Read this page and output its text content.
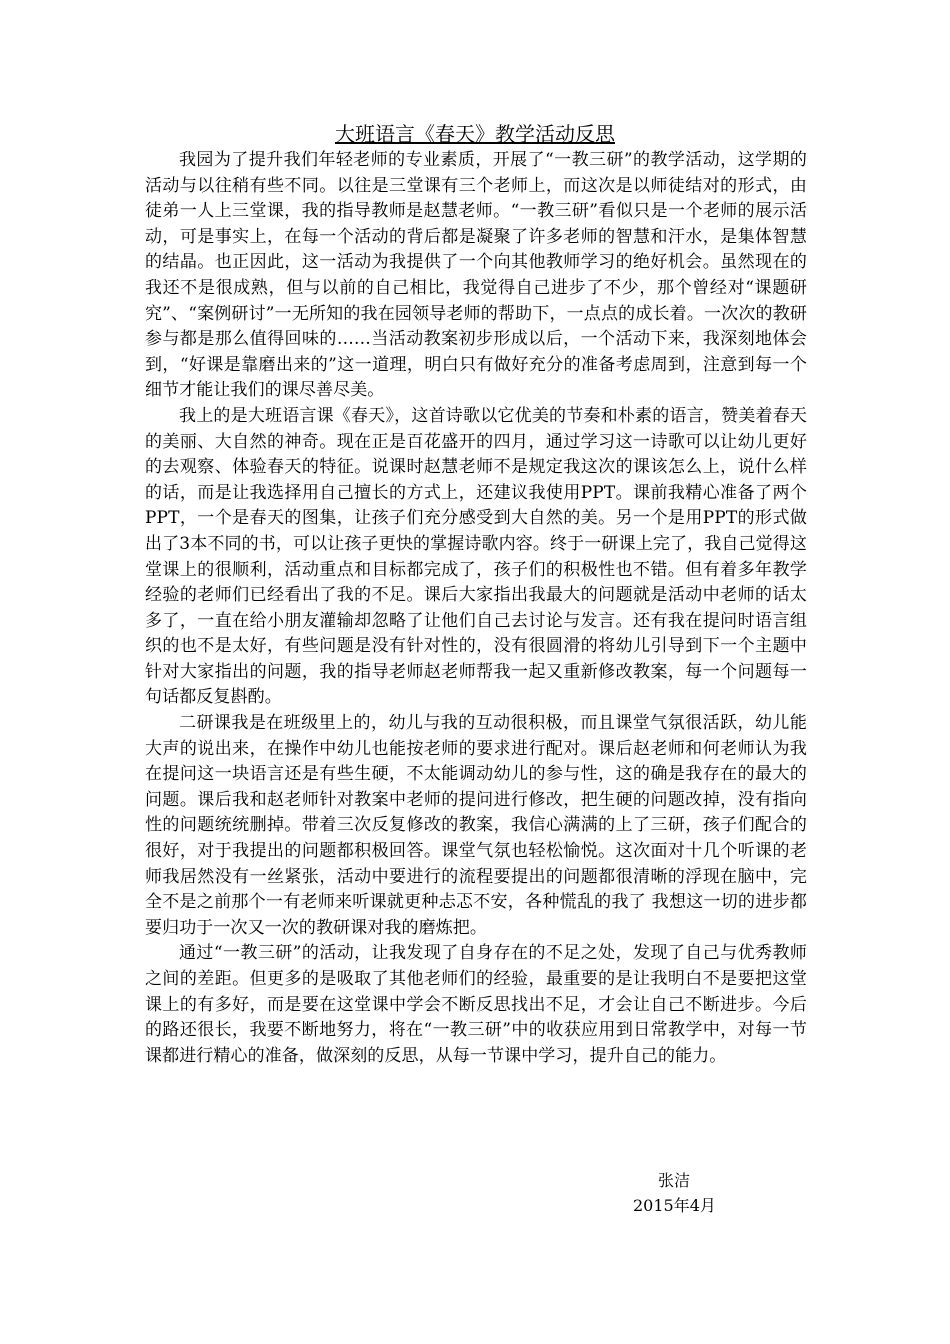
大班语言《春天》教学活动反思

我园为了提升我们年轻老师的专业素质，开展了“一教三研”的教学活动，这学期的活动与以往稍有些不同。以往是三堂课有三个老师上，而这次是以师徒结对的形式，由徒弟一人上三堂课，我的指导教师是赵慧老师。“一教三研”看似只是一个老师的展示活动，可是事实上，在每一个活动的背后都是凝聚了许多老师的智慧和汗水，是集体智慧的结晶。也正因此，这一活动为我提供了一个向其他教师学习的绝好机会。虽然现在的我还不是很成熟，但与以前的自己相比，我觉得自己进步了不少，那个曾经对“课题研究”、“案例研讨”一无所知的我在园领导老师的帮助下，一点点的成长着。一次次的教研参与都是那么值得回味的……当活动教案初步形成以后，一个活动下来，我深刻地体会到，“好课是靠磨出来的”这一道理，明白只有做好充分的准备考虑周到，注意到每一个细节才能让我们的课尽善尽美。

我上的是大班语言课《春天》，这首诗歌以它优美的节奏和朴素的语言，赞美着春天的美丽、大自然的神奇。现在正是百花盛开的四月，通过学习这一诗歌可以让幼儿更好的去观察、体验春天的特征。说课时赵慧老师不是规定我这次的课该怎么上，说什么样的话，而是让我选择用自己擅长的方式上，还建议我使用PPT。课前我精心准备了两个PPT，一个是春天的图集，让孩子们充分感受到大自然的美。另一个是用PPT的形式做出了3本不同的书，可以让孩子更快的掌握诗歌内容。终于一研课上完了，我自己觉得这堂课上的很顺利，活动重点和目标都完成了，孩子们的积极性也不错。但有着多年教学经验的老师们已经看出了我的不足。课后大家指出我最大的问题就是活动中老师的话太多了，一直在给小朋友灌输却忽略了让他们自己去讨论与发言。还有我在提问时语言组织的也不是太好，有些问题是没有针对性的，没有很圆滑的将幼儿引导到下一个主题中针对大家指出的问题，我的指导老师赵老师帮我一起又重新修改教案，每一个问题每一句话都反复斟酌。

二研课我是在班级里上的，幼儿与我的互动很积极，而且课堂气氛很活跃，幼儿能大声的说出来，在操作中幼儿也能按老师的要求进行配对。课后赵老师和何老师认为我在提问这一块语言还是有些生硬，不太能调动幼儿的参与性，这的确是我存在的最大的问题。课后我和赵老师针对教案中老师的提问进行修改，把生硬的问题改掉，没有指向性的问题统统删掉。带着三次反复修改的教案，我信心满满的上了三研，孩子们配合的很好，对于我提出的问题都积极回答。课堂气氛也轻松愉悦。这次面对十几个听课的老师我居然没有一丝紧张，活动中要进行的流程要提出的问题都很清晰的浮现在脑中，完全不是之前那个一有老师来听课就更种忐忑不安，各种慌乱的我了 我想这一切的进步都要归功于一次又一次的教研课对我的磨炼把。

通过“一教三研”的活动，让我发现了自身存在的不足之处，发现了自己与优秀教师之间的差距。但更多的是吸取了其他老师们的经验，最重要的是让我明白不是要把这堂课上的有多好，而是要在这堂课中学会不断反思找出不足，才会让自己不断进步。今后的路还很长，我要不断地努力，将在“一教三研”中的收获应用到日常教学中，对每一节课都进行精心的准备，做深刻的反思，从每一节课中学习，提升自己的能力。

张洁
2015年4月
